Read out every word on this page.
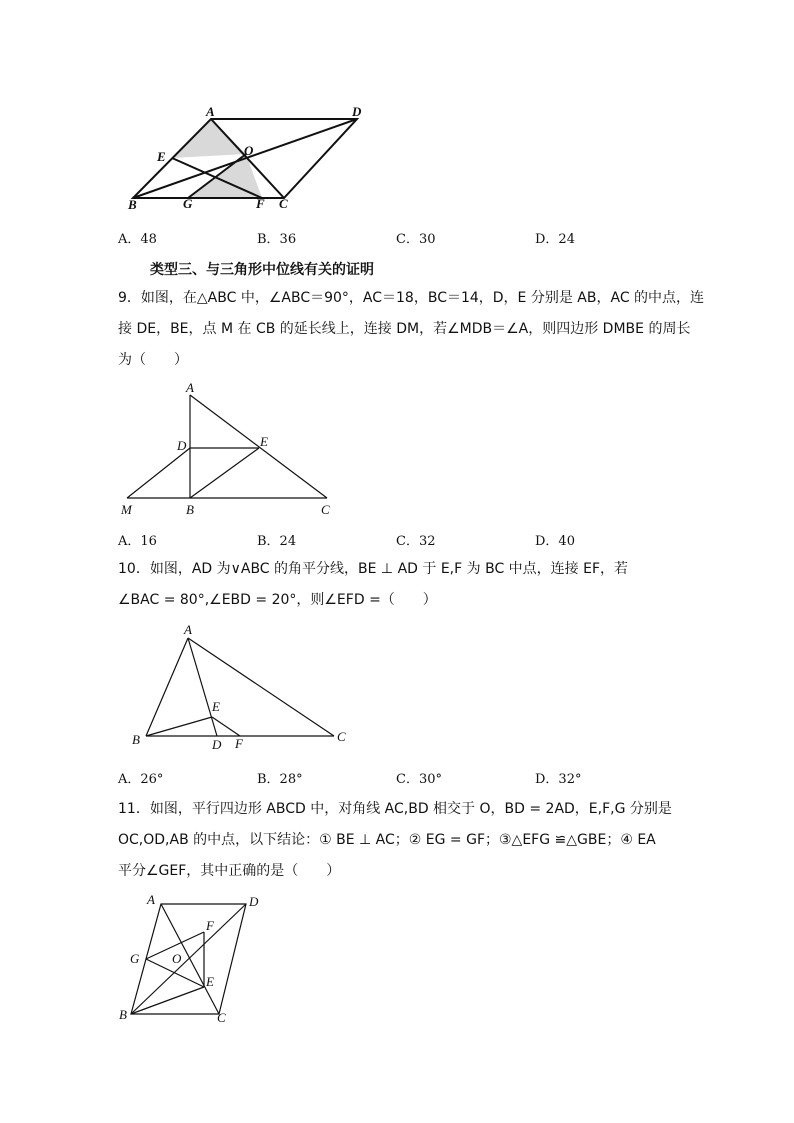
A	D
E	O
B	G	F C
A．48	B．36	C．30	D．24
类型三、与三角形中位线有关的证明
9．如图，在△ABC 中，∠ABC＝90°，AC＝18，BC＝14，D，E 分别是 AB，AC 的中点，连
接 DE，BE，点 M 在 CB 的延长线上，连接 DM，若∠MDB＝∠A，则四边形 DMBE 的周长
为（　　）
A
D	E
M	B	C
A．16	B．24	C．32	D．40
10．如图，AD 为∨ABC 的角平分线，BE ⊥ AD 于 E,F 为 BC 中点，连接 EF，若
∠BAC = 80°,∠EBD = 20°，则∠EFD =（　　）
A
E
B	D F	C
A．26°	B．28°	C．30°	D．32°
11．如图，平行四边形 ABCD 中，对角线 AC,BD 相交于 O，BD = 2AD，E,F,G 分别是
OC,OD,AB 的中点，以下结论：① BE ⊥ AC；② EG = GF；③△EFG ≌△GBE；④ EA
平分∠GEF，其中正确的是（　　）
A	D
F
G	O
E
B	C
